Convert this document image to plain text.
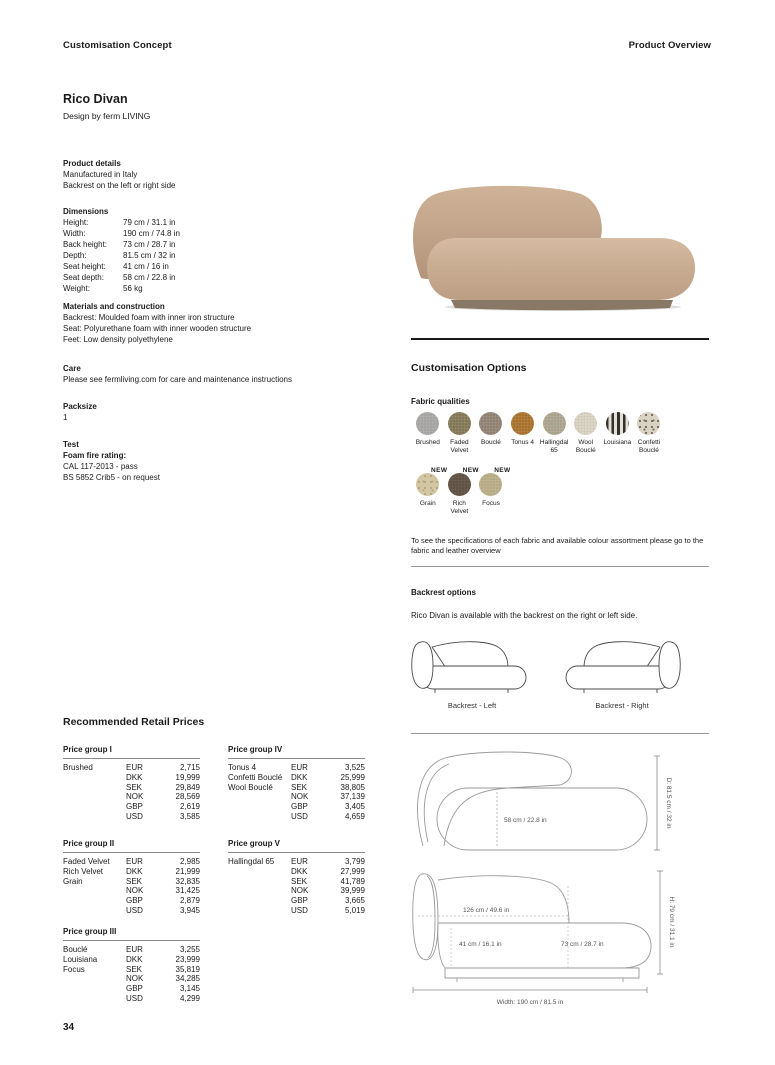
Customisation Concept	Product Overview
Rico Divan
Design by ferm LIVING
Product details
Manufactured in Italy
Backrest on the left or right side
Dimensions
Height:	79 cm / 31.1 in
Width:	190 cm / 74.8 in
Back height:	73 cm / 28.7 in
Depth:	81.5 cm / 32 in
Seat height:	41 cm / 16 in
Seat depth:	58 cm / 22.8 in
Weight:	56 kg
Materials and construction
Backrest: Moulded foam with inner iron structure
Seat: Polyurethane foam with inner wooden structure
Feet: Low density polyethylene
Care
Please see fermliving.com for care and maintenance instructions
Packsize
1
Test
Foam fire rating:
CAL 117-2013 - pass
BS 5852 Crib5 - on request
Customisation Options
Fabric qualities
Brushed	Faded Velvet
Bouclé	Tonus 4 Hallingdal 65
Wool Bouclé
Louisiana Confetti Bouclé
NEW
Grain
NEW
Rich Velvet
NEW
Focus
To see the specifications of each fabric and available colour assortment please go to the fabric and leather overview
Backrest options
Rico Divan is available with the backrest on the right or left side.
Backrest - Left	Backrest - Right
Recommended Retail Prices
Price group I
Brushed	EUR	2,715
DKK	19,999
SEK	29,849
NOK	28,569
GBP	2,619
USD	3,585
Price group II
Faded Velvet	EUR	2,985
Rich Velvet	DKK	21,999
Grain	SEK	32,835
NOK	31,425
GBP	2,879
USD	3,945
Price group III
Bouclé	EUR	3,255
Louisiana	DKK	23,999
Focus	SEK	35,819
NOK	34,285
GBP	3,145
USD	4,299
Price group IV
Tonus 4	EUR	3,525
Confetti Bouclé	DKK	25,999
Wool Bouclé	SEK	38,805
NOK	37,139
GBP	3,405
USD	4,659
Price group V
Hallingdal 65	EUR	3,799
DKK	27,999
SEK	41,789
NOK	39,999
GBP	3,665
USD	5,019
58 cm / 22.8 in	D: 81.5 cm / 32 in
126 cm / 49.6 in
41 cm / 16.1 in	73 cm / 28.7 in	H: 79 cm / 31.1 in
Width: 190 cm / 81.5 in
34
